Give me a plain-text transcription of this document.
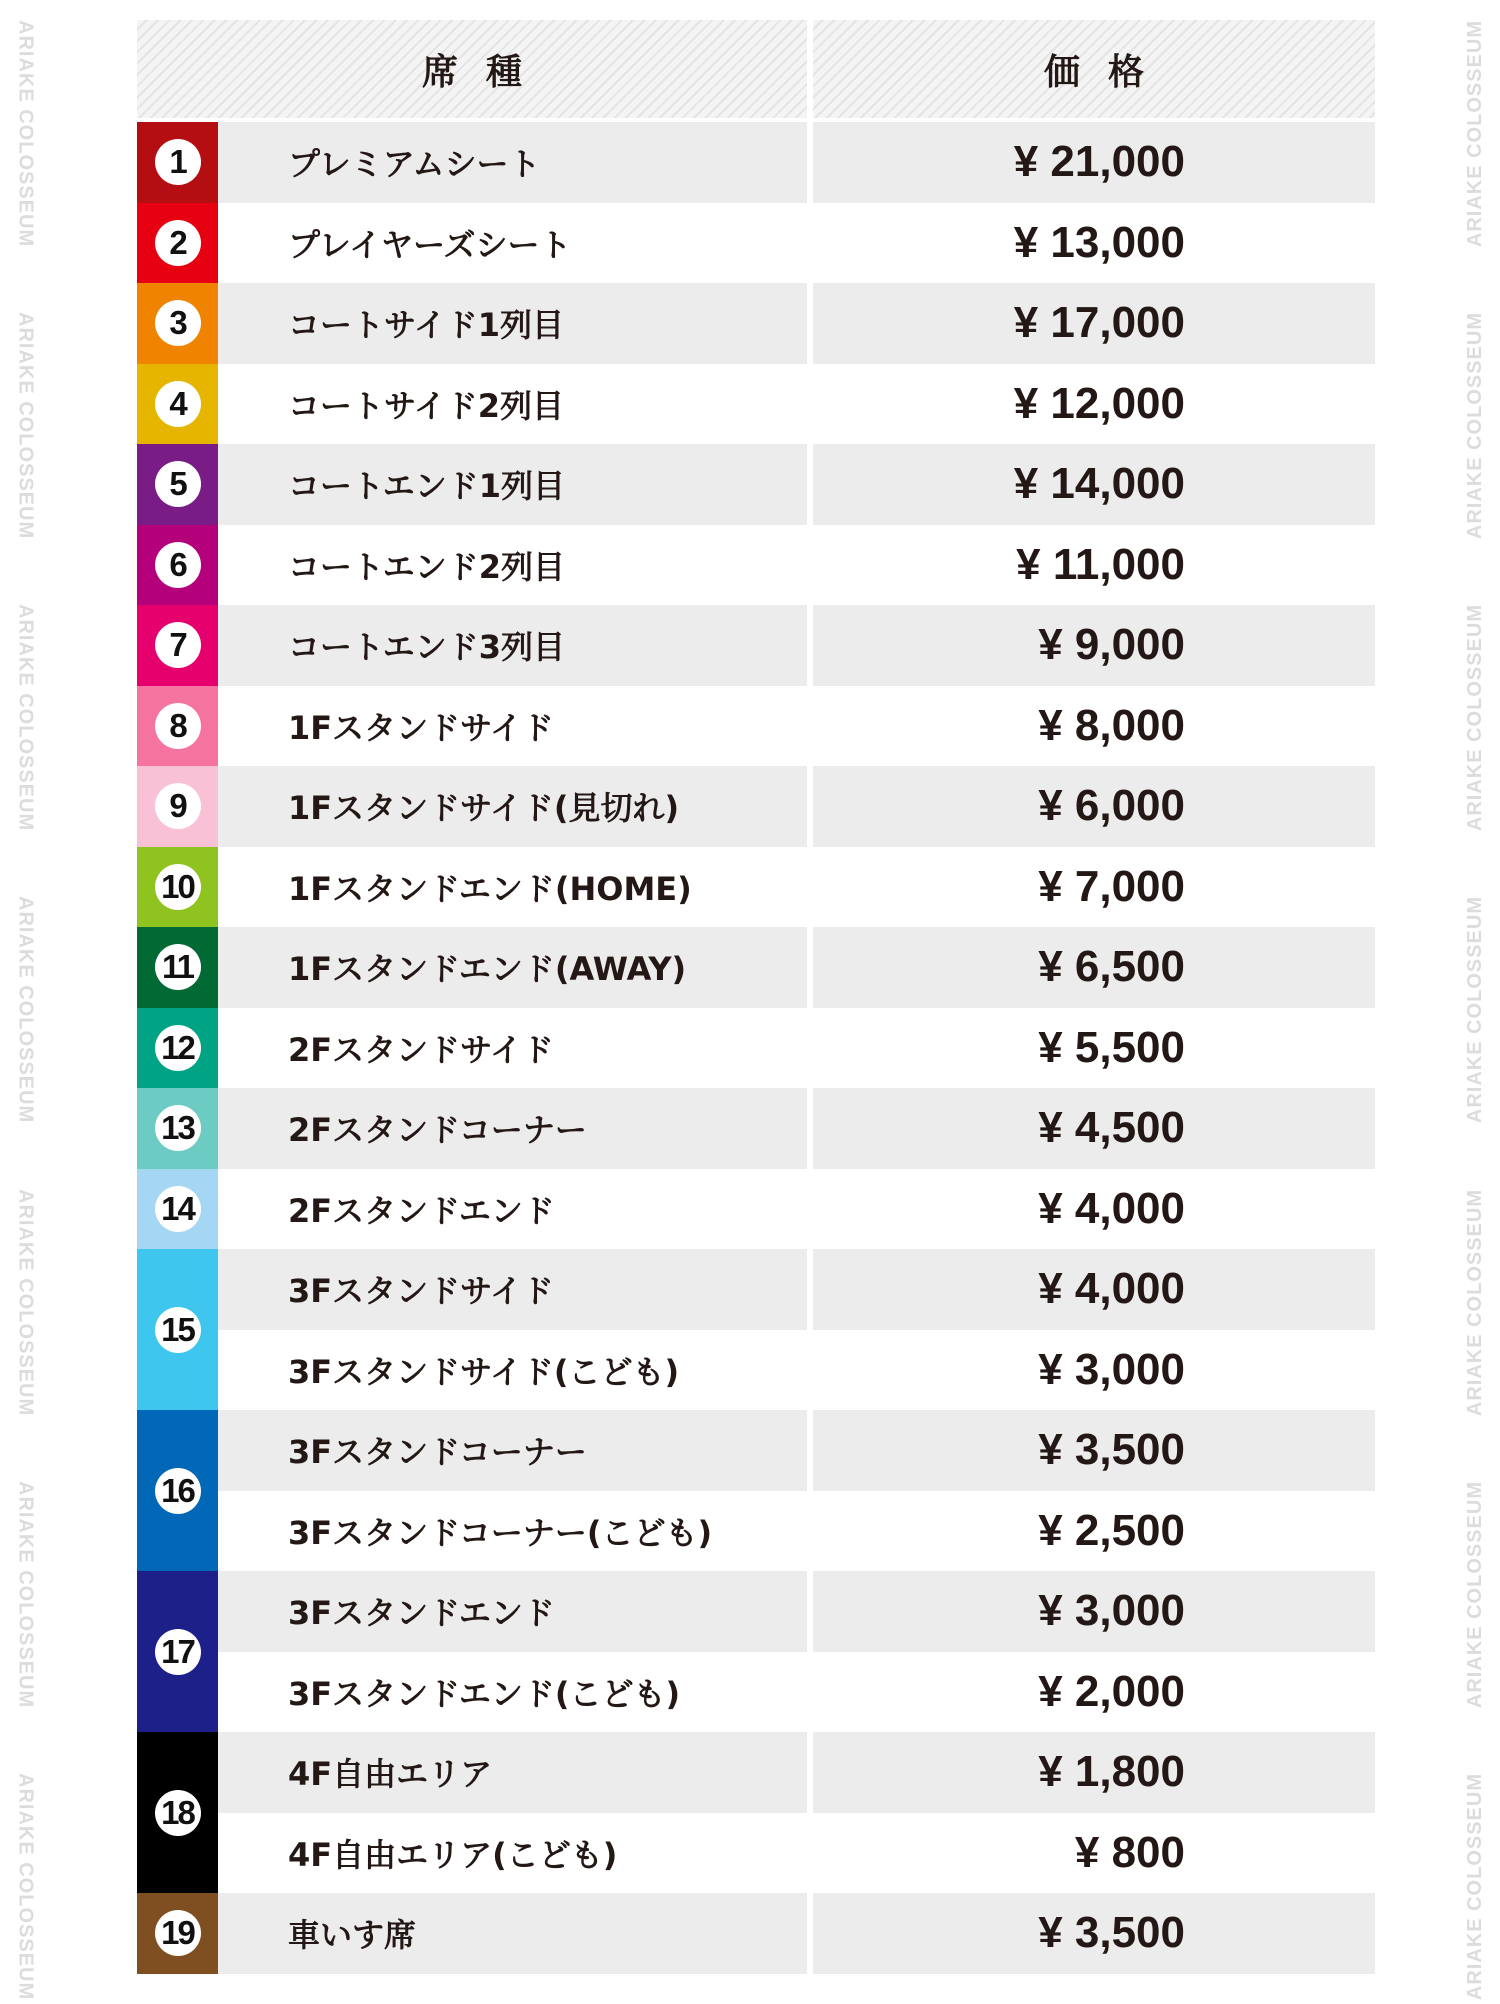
ARIAKE COLOSSEUM
ARIAKE COLOSSEUM
ARIAKE COLOSSEUM
ARIAKE COLOSSEUM
ARIAKE COLOSSEUM
ARIAKE COLOSSEUM
ARIAKE COLOSSEUM
ARIAKE COLOSSEUM
ARIAKE COLOSSEUM
ARIAKE COLOSSEUM
ARIAKE COLOSSEUM
ARIAKE COLOSSEUM
ARIAKE COLOSSEUM
ARIAKE COLOSSEUM
席種	価格
1	プレミアムシート	¥ 21,000
2	プレイヤーズシート	¥ 13,000
3	コートサイド1列目	¥ 17,000
4	コートサイド2列目	¥ 12,000
5	コートエンド1列目	¥ 14,000
6	コートエンド2列目	¥ 11,000
7	コートエンド3列目	¥ 9,000
8	1Fスタンドサイド	¥ 8,000
9	1Fスタンドサイド(見切れ)	¥ 6,000
10	1Fスタンドエンド(HOME)	¥ 7,000
11	1Fスタンドエンド(AWAY)	¥ 6,500
12	2Fスタンドサイド	¥ 5,500
13	2Fスタンドコーナー	¥ 4,500
14	2Fスタンドエンド	¥ 4,000
15
3Fスタンドサイド	¥ 4,000
3Fスタンドサイド(こども)	¥ 3,000
16
3Fスタンドコーナー	¥ 3,500
3Fスタンドコーナー(こども)	¥ 2,500
17
3Fスタンドエンド	¥ 3,000
3Fスタンドエンド(こども)	¥ 2,000
18
4F自由エリア	¥ 1,800
4F自由エリア(こども)	¥ 800
19	車いす席	¥ 3,500
